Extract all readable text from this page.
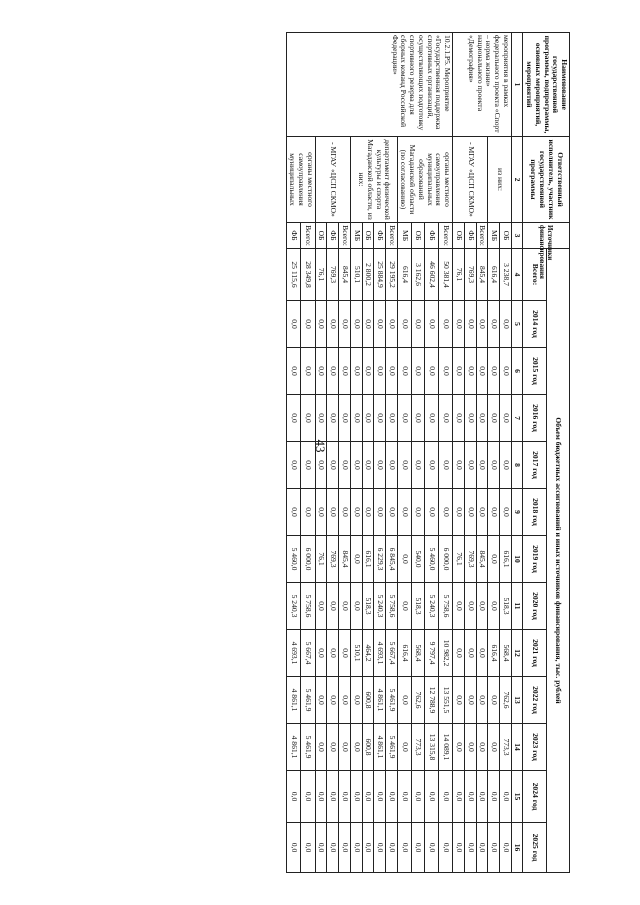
43
Наименование государственной программы, подпрограммы, основных мероприятий, мероприятий	Ответственный исполнитель, участник государственной программы	Источники финансирования	Объем бюджетных ассигнований и иных источников финансирования, тыс. рублей												
			Всего:	2014 год	2015 год	2016 год	2017 год	2018 год	2019 год	2020 год	2021 год	2022 год	2023 год	2024 год	2025 год
1	2	3	4	5	6	7	8	9	10	11	12	13	14	15	16
мероприятия в рамках федерального проекта «Спорт – норма жизни» национального проекта «Демография»	из них:	ОБ	3 238,7	0,0	0,0	0,0	0,0	0,0	616,1	518,3	568,4	762,6	773,3	0,0	0,0
		МБ	616,4	0,0	0,0	0,0	0,0	0,0	0,0	0,0	616,4	0,0	0,0	0,0	0,0
	- МГАУ «ЦСП СКМО»	Всего:	845,4	0,0	0,0	0,0	0,0	0,0	845,4	0,0	0,0	0,0	0,0	0,0	0,0
		ФБ	769,3	0,0	0,0	0,0	0,0	0,0	769,3	0,0	0,0	0,0	0,0	0,0	0,0
		ОБ	76,1	0,0	0,0	0,0	0,0	0,0	76,1	0,0	0,0	0,0	0,0	0,0	0,0
10.2.1.Р5. Мероприятие «Государственная поддержка спортивных организаций, осуществляющих подготовку спортивного резерва для сборных команд Российской Федерации»	органы местного самоуправления муниципальных образований Магаданской области (по согласованию)	Всего:	50 381,4	0,0	0,0	0,0	0,0	0,0	6 000,0	5 758,6	10 982,2	13 551,5	14 089,1	0,0	0,0
		ФБ	46 602,4	0,0	0,0	0,0	0,0	0,0	5 460,0	5 240,3	9 797,4	12 788,9	13 315,8	0,0	0,0
		ОБ	3 162,6	0,0	0,0	0,0	0,0	0,0	540,0	518,3	568,4	762,6	773,3	0,0	0,0
		МБ	616,4	0,0	0,0	0,0	0,0	0,0	0,0	0,0	616,4	0,0	0,0	0,0	0,0
	департамент физической культуры и спорта Магаданской области, из них:	Всего:	29 195,2	0,0	0,0	0,0	0,0	0,0	6 845,4	5 758,6	5 667,4	5 461,9	5 461,9	0,0	0,0
		ФБ	25 884,9	0,0	0,0	0,0	0,0	0,0	6 229,3	5 240,3	4 693,1	4 861,1	4 861,1	0,0	0,0
		ОБ	2 800,2	0,0	0,0	0,0	0,0	0,0	616,1	518,3	464,2	600,8	600,8	0,0	0,0
		МБ	510,1	0,0	0,0	0,0	0,0	0,0	0,0	0,0	510,1	0,0	0,0	0,0	0,0
	- МГАУ «ЦСП СКМО»	Всего:	845,4	0,0	0,0	0,0	0,0	0,0	845,4	0,0	0,0	0,0	0,0	0,0	0,0
		ФБ	769,3	0,0	0,0	0,0	0,0	0,0	769,3	0,0	0,0	0,0	0,0	0,0	0,0
		ОБ	76,1	0,0	0,0	0,0	0,0	0,0	76,1	0,0	0,0	0,0	0,0	0,0	0,0
	органы местного самоуправления муниципальных	Всего:	28 349,8	0,0	0,0	0,0	0,0	0,0	6 000,0	5 758,6	5 667,4	5 461,9	5 461,9	0,0	0,0
		ФБ	25 115,6	0,0	0,0	0,0	0,0	0,0	5 460,0	5 240,3	4 693,1	4 861,1	4 861,1	0,0	0,0
